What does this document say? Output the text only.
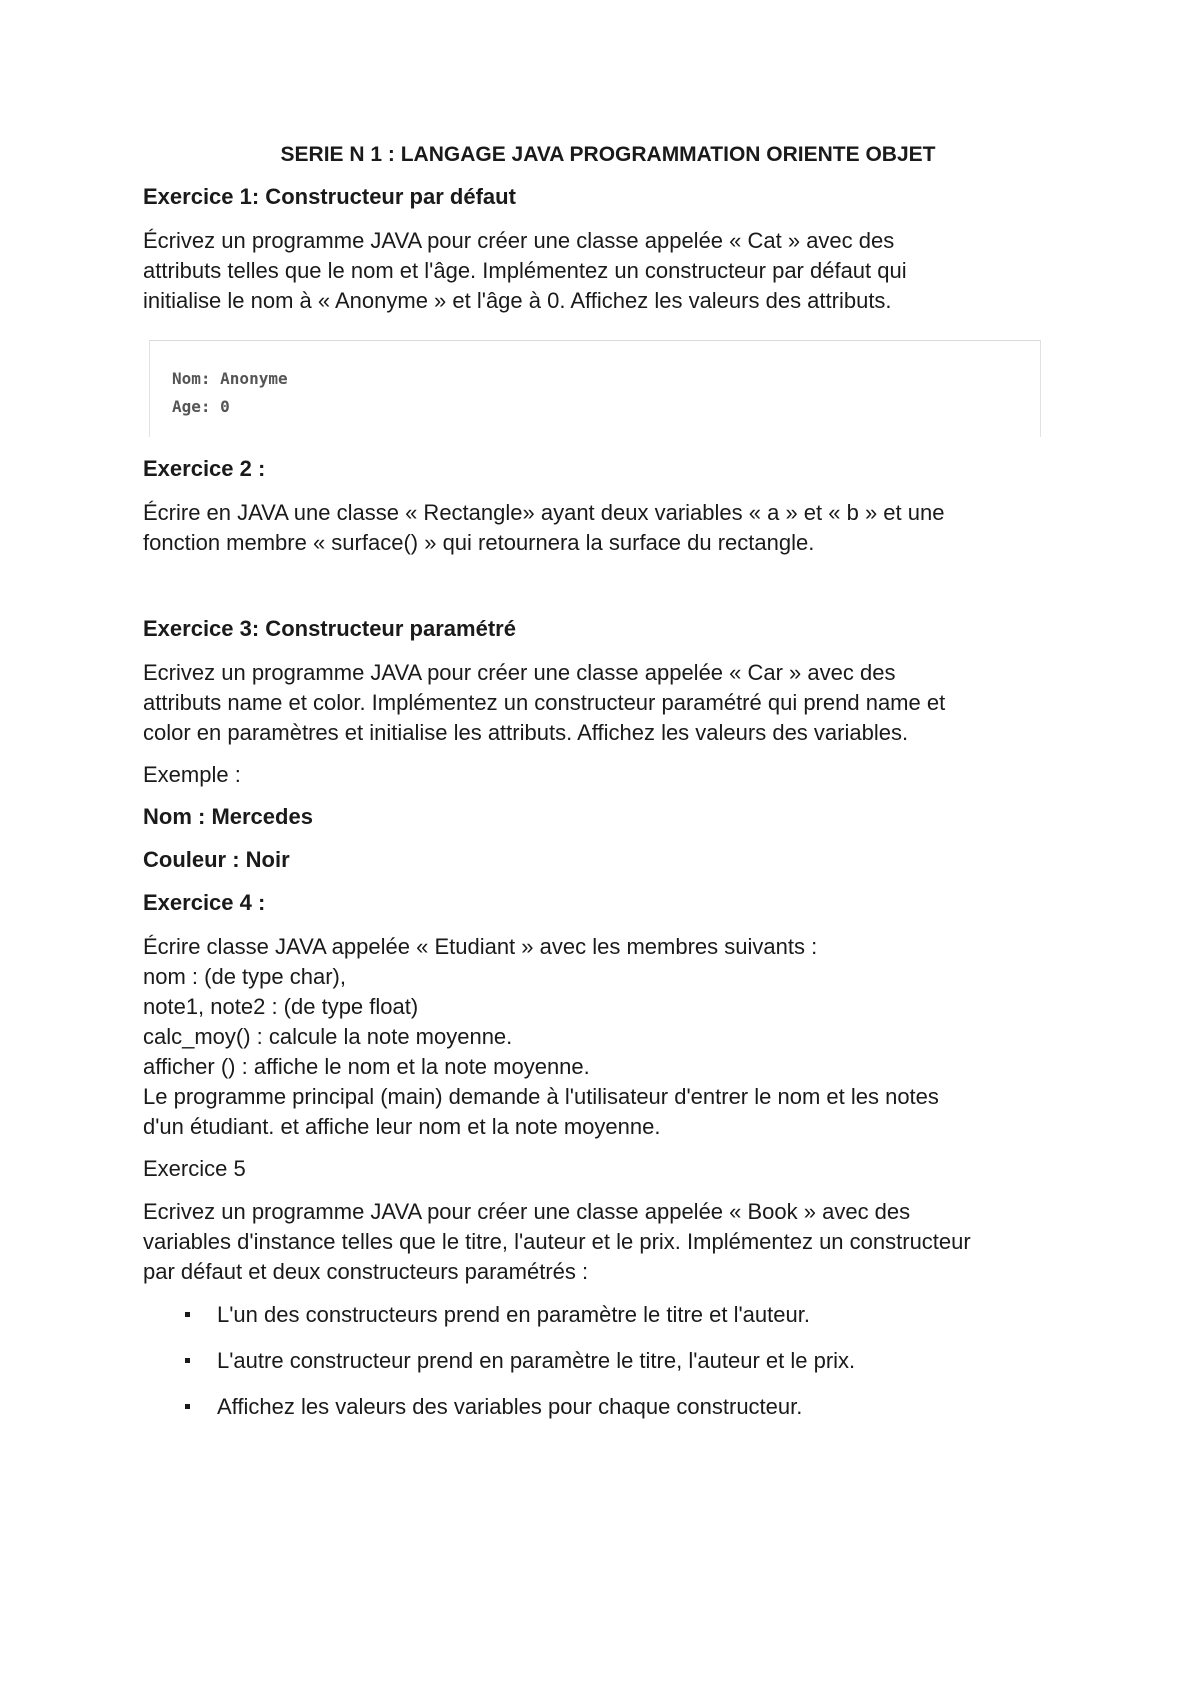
SERIE N 1 : LANGAGE JAVA PROGRAMMATION ORIENTE OBJET
Exercice 1: Constructeur par défaut
Écrivez un programme JAVA pour créer une classe appelée « Cat » avec des
attributs telles que le nom et l'âge. Implémentez un constructeur par défaut qui
initialise le nom à « Anonyme » et l'âge à 0. Affichez les valeurs des attributs.
Nom: Anonyme
Age: 0
Exercice 2 :
Écrire en JAVA une classe « Rectangle» ayant deux variables « a » et « b » et une
fonction membre « surface() » qui retournera la surface du rectangle.
Exercice 3: Constructeur paramétré
Ecrivez un programme JAVA pour créer une classe appelée « Car » avec des
attributs name et color. Implémentez un constructeur paramétré qui prend name et
color en paramètres et initialise les attributs. Affichez les valeurs des variables.
Exemple :
Nom : Mercedes
Couleur : Noir
Exercice 4 :
Écrire classe JAVA appelée « Etudiant » avec les membres suivants :
nom : (de type char),
note1, note2 : (de type float)
calc_moy() : calcule la note moyenne.
afficher () : affiche le nom et la note moyenne.
Le programme principal (main) demande à l'utilisateur d'entrer le nom et les notes
d'un étudiant. et affiche leur nom et la note moyenne.
Exercice 5
Ecrivez un programme JAVA pour créer une classe appelée « Book » avec des
variables d'instance telles que le titre, l'auteur et le prix. Implémentez un constructeur
par défaut et deux constructeurs paramétrés :
L'un des constructeurs prend en paramètre le titre et l'auteur.
L'autre constructeur prend en paramètre le titre, l'auteur et le prix.
Affichez les valeurs des variables pour chaque constructeur.
